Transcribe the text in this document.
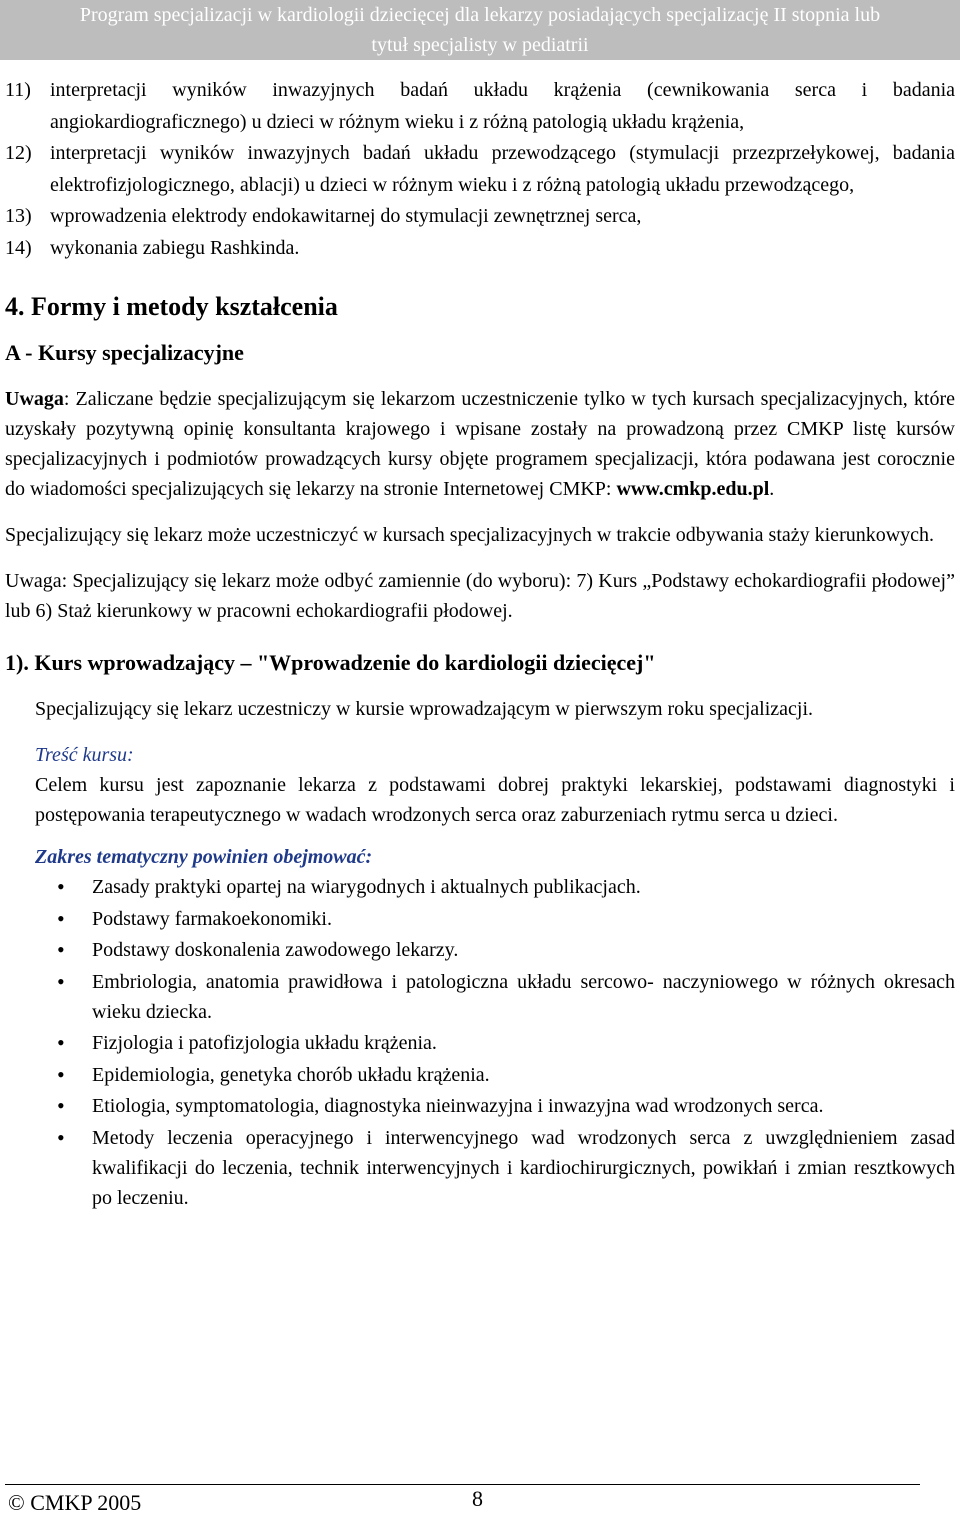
Program specjalizacji w kardiologii dziecięcej dla lekarzy posiadających specjalizację II stopnia lub
tytuł specjalisty w pediatrii
11) interpretacji wyników inwazyjnych badań układu krążenia (cewnikowania serca i badania angiokardiograficznego) u dzieci w różnym wieku i z różną patologią układu krążenia,
12) interpretacji wyników inwazyjnych badań układu przewodzącego (stymulacji przezprzełykowej, badania elektrofizjologicznego, ablacji) u dzieci w różnym wieku i z różną patologią układu przewodzącego,
13) wprowadzenia elektrody endokawitarnej do stymulacji zewnętrznej serca,
14) wykonania zabiegu Rashkinda.
4. Formy i metody kształcenia
A - Kursy specjalizacyjne

Uwaga: Zaliczane będzie specjalizującym się lekarzom uczestniczenie tylko w tych kursach specjalizacyjnych, które uzyskały pozytywną opinię konsultanta krajowego i wpisane zostały na prowadzoną przez CMKP listę kursów specjalizacyjnych i podmiotów prowadzących kursy objęte programem specjalizacji, która podawana jest corocznie do wiadomości specjalizujących się lekarzy na stronie Internetowej CMKP: www.cmkp.edu.pl.

Specjalizujący się lekarz może uczestniczyć w kursach specjalizacyjnych w trakcie odbywania staży kierunkowych.

Uwaga: Specjalizujący się lekarz może odbyć zamiennie (do wyboru): 7) Kurs „Podstawy echokardiografii płodowej” lub 6) Staż kierunkowy w pracowni echokardiografii płodowej.

1). Kurs wprowadzający – "Wprowadzenie do kardiologii dziecięcej"

Specjalizujący się lekarz uczestniczy w kursie wprowadzającym w pierwszym roku specjalizacji.

Treść kursu:

Celem kursu jest zapoznanie lekarza z podstawami dobrej praktyki lekarskiej, podstawami diagnostyki i postępowania terapeutycznego w wadach wrodzonych serca oraz zaburzeniach rytmu serca u dzieci.

Zakres tematyczny powinien obejmować:
• Zasady praktyki opartej na wiarygodnych i aktualnych publikacjach.
• Podstawy farmakoekonomiki.
• Podstawy doskonalenia zawodowego lekarzy.
• Embriologia, anatomia prawidłowa i patologiczna układu sercowo- naczyniowego w różnych okresach wieku dziecka.
• Fizjologia i patofizjologia układu krążenia.
• Epidemiologia, genetyka chorób układu krążenia.
• Etiologia, symptomatologia, diagnostyka nieinwazyjna i inwazyjna wad wrodzonych serca.
• Metody leczenia operacyjnego i interwencyjnego wad wrodzonych serca z uwzględnieniem zasad kwalifikacji do leczenia, technik interwencyjnych i kardiochirurgicznych, powikłań i zmian resztkowych po leczeniu.
© CMKP 2005	8
